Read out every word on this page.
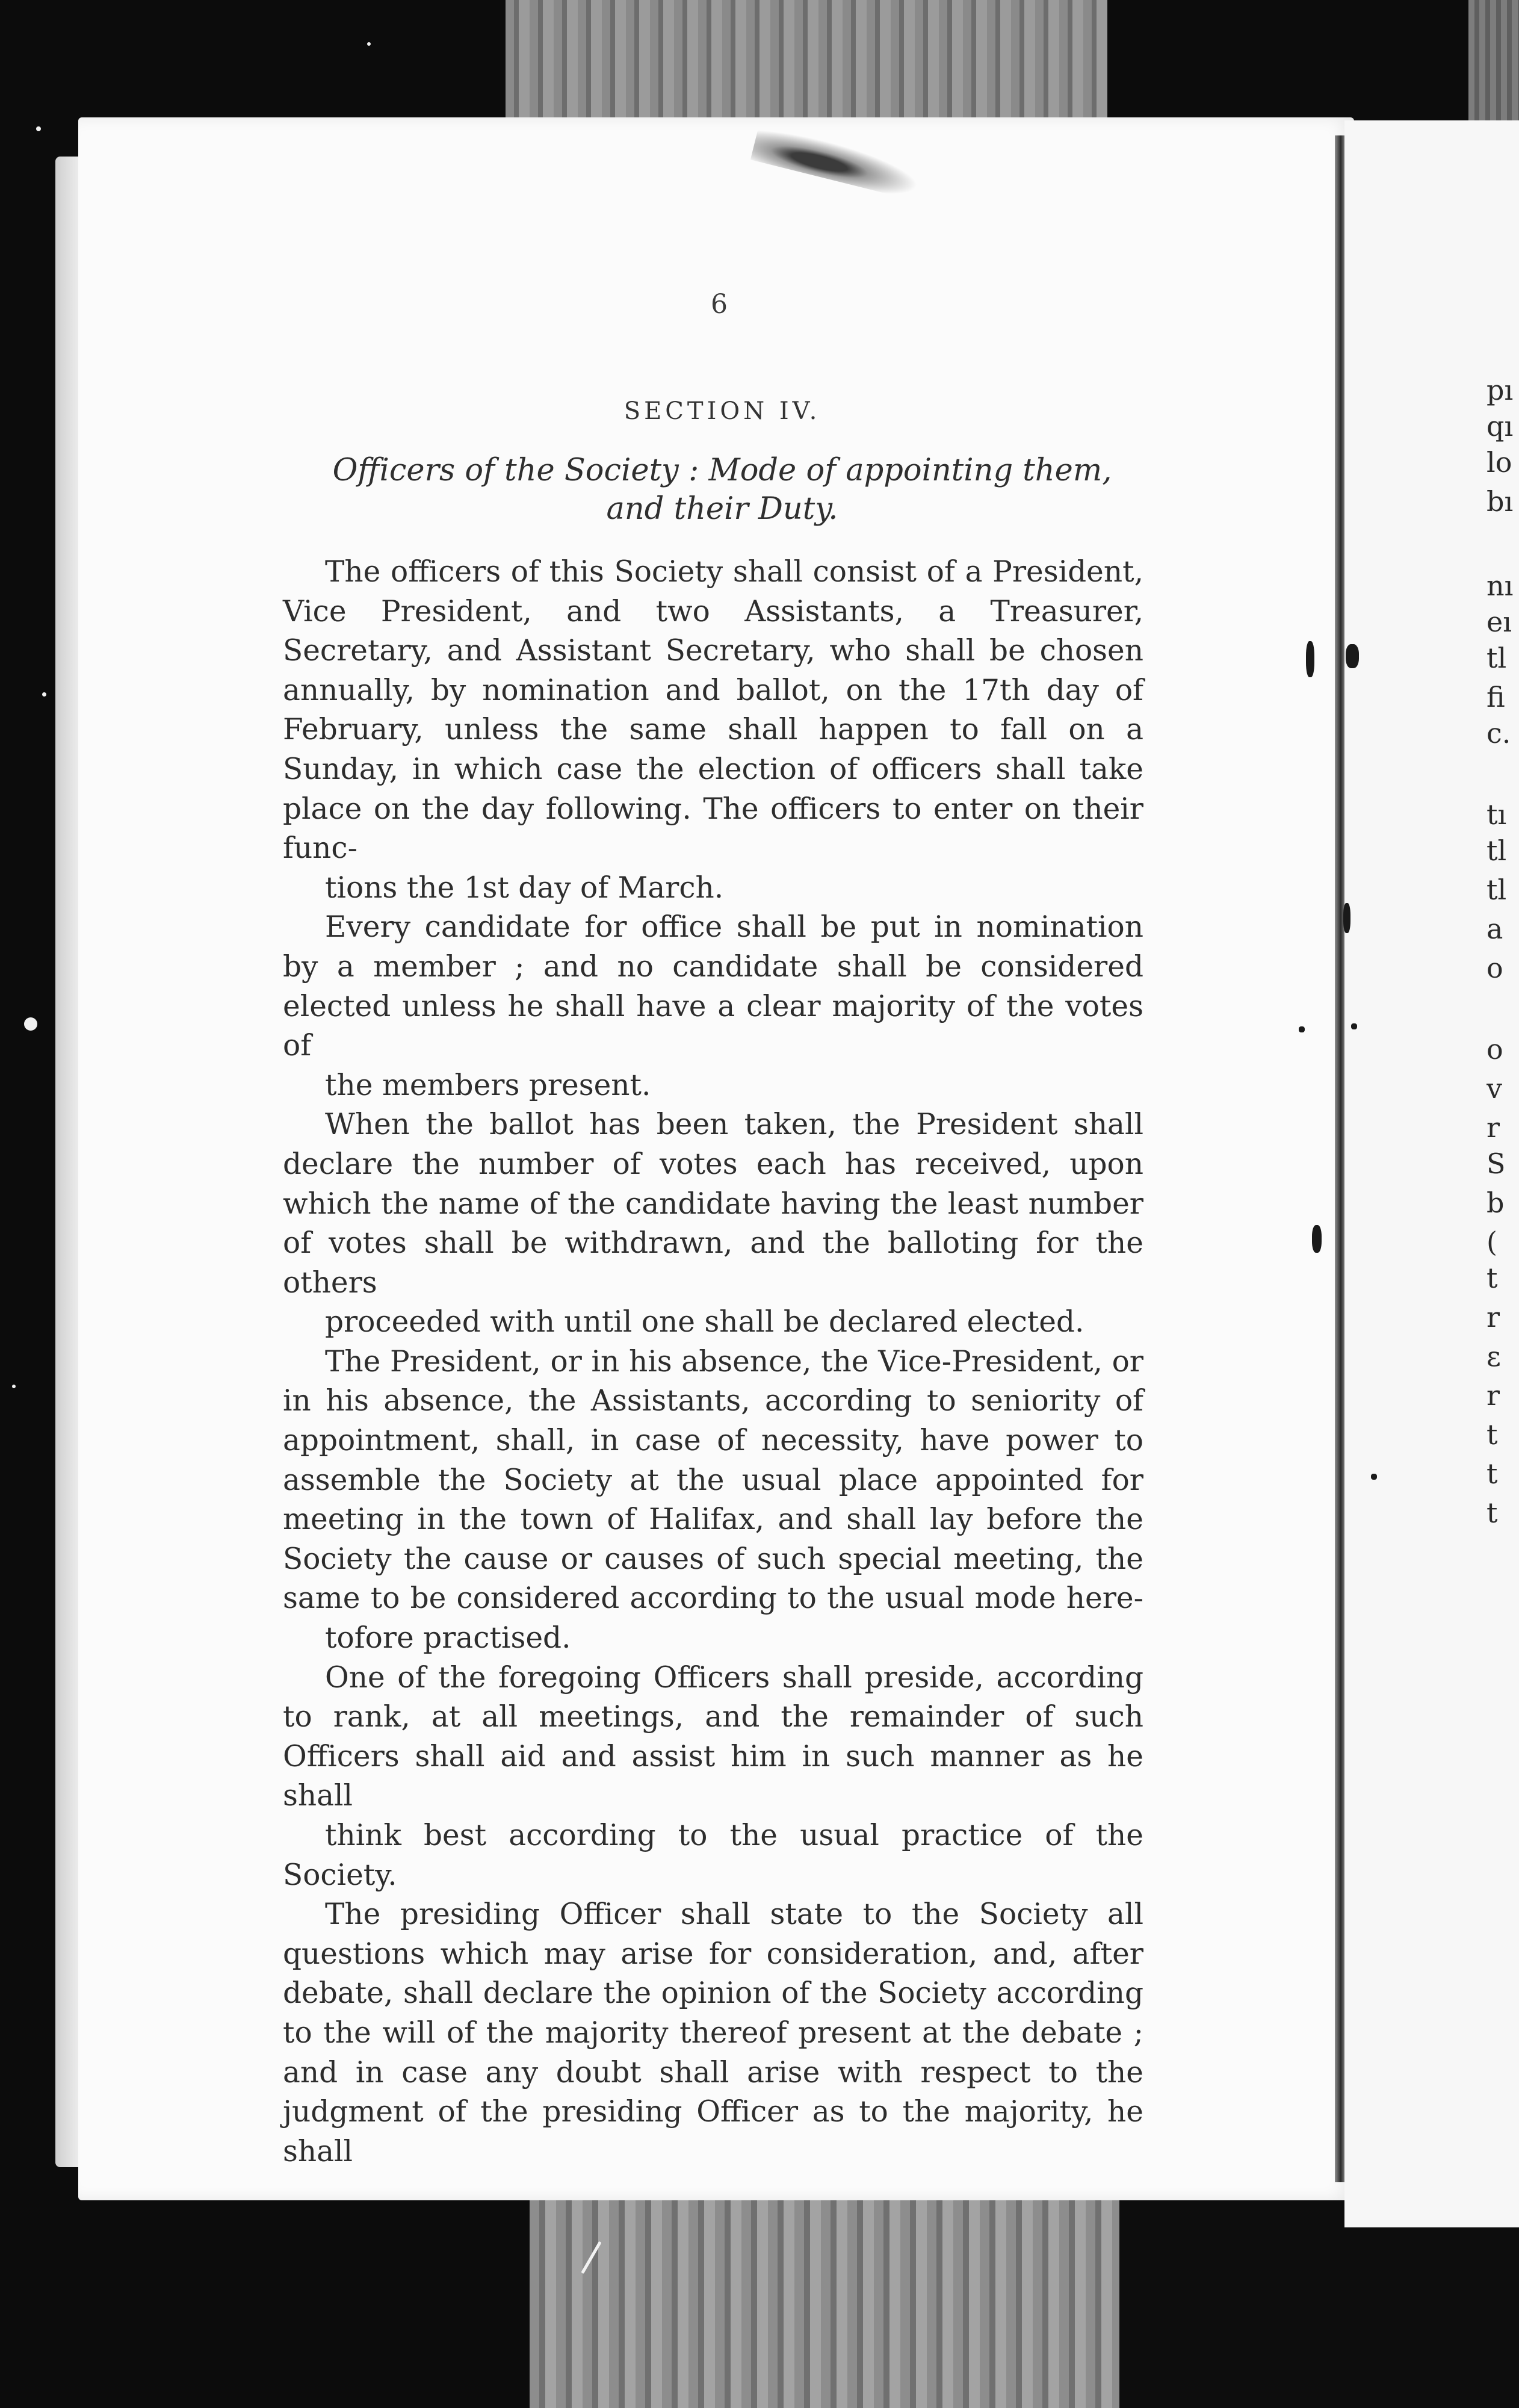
6
SECTION IV.
Officers of the Society : Mode of appointing them,
and their Duty.

The officers of this Society shall consist of a President, Vice President, and two Assistants, a Treasurer, Secretary, and Assistant Secretary, who shall be chosen annually, by nomination and ballot, on the 17th day of February, unless the same shall happen to fall on a Sunday, in which case the election of officers shall take place on the day following. The officers to enter on their func-
tions the 1st day of March.

Every candidate for office shall be put in nomination by a member ; and no candidate shall be considered elected unless he shall have a clear majority of the votes of
the members present.

When the ballot has been taken, the President shall declare the number of votes each has received, upon which the name of the candidate having the least number of votes shall be withdrawn, and the balloting for the others
proceeded with until one shall be declared elected.

The President, or in his absence, the Vice-President, or in his absence, the Assistants, according to seniority of appointment, shall, in case of necessity, have power to assemble the Society at the usual place appointed for meeting in the town of Halifax, and shall lay before the Society the cause or causes of such special meeting, the same to be considered according to the usual mode here-
tofore practised.

One of the foregoing Officers shall preside, according to rank, at all meetings, and the remainder of such Officers shall aid and assist him in such manner as he shall
think best according to the usual practice of the Society.

The presiding Officer shall state to the Society all questions which may arise for consideration, and, after debate, shall declare the opinion of the Society according to the will of the majority thereof present at the debate ; and in case any doubt shall arise with respect to the judgment of the presiding Officer as to the majority, he shall

pı
qı
lo
bı
nı
eı
tl
fi
c.
tı
tl
tl
a
o
o
v
r
S
b
(
t
r
ε
r
t
t
t
